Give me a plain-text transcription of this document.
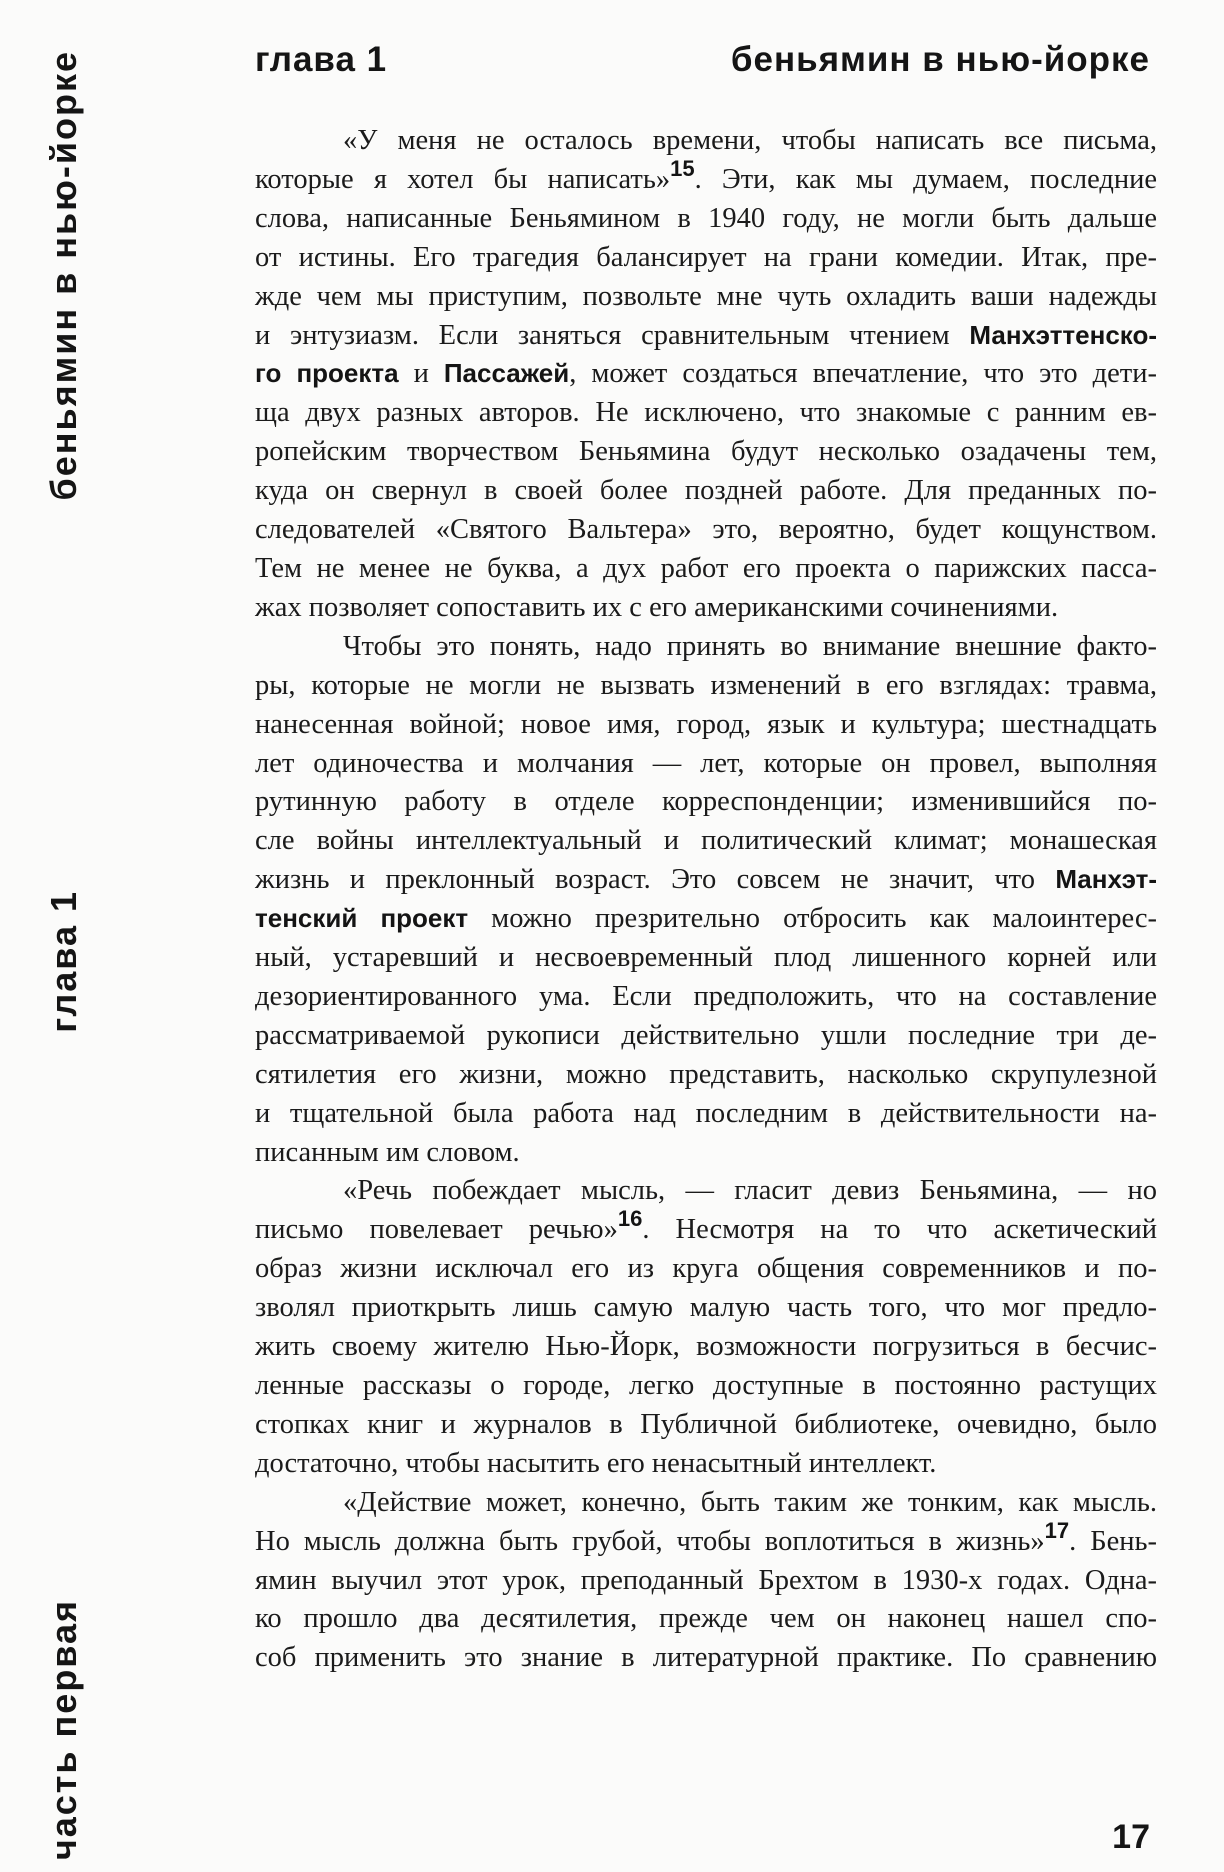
глава 1	беньямин в нью-йорке
беньямин в нью-йорке
глава 1
часть первая
«У меня не осталось времени, чтобы написать все письма,
которые я хотел бы написать»$^{15}$. Эти, как мы думаем, последние
слова, написанные Беньямином в 1940 году, не могли быть дальше
от истины. Его трагедия балансирует на грани комедии. Итак, пре-
жде чем мы приступим, позвольте мне чуть охладить ваши надежды
и энтузиазм. Если заняться сравнительным чтением Манхэттенско-
го проекта и Пассажей, может создаться впечатление, что это дети-
ща двух разных авторов. Не исключено, что знакомые с ранним ев-
ропейским творчеством Беньямина будут несколько озадачены тем,
куда он свернул в своей более поздней работе. Для преданных по-
следователей «Святого Вальтера» это, вероятно, будет кощунством.
Тем не менее не буква, а дух работ его проекта о парижских пасса-
жах позволяет сопоставить их с его американскими сочинениями.
Чтобы это понять, надо принять во внимание внешние факто-
ры, которые не могли не вызвать изменений в его взглядах: травма,
нанесенная войной; новое имя, город, язык и культура; шестнадцать
лет одиночества и молчания — лет, которые он провел, выполняя
рутинную работу в отделе корреспонденции; изменившийся по-
сле войны интеллектуальный и политический климат; монашеская
жизнь и преклонный возраст. Это совсем не значит, что Манхэт-
тенский проект можно презрительно отбросить как малоинтерес-
ный, устаревший и несвоевременный плод лишенного корней или
дезориентированного ума. Если предположить, что на составление
рассматриваемой рукописи действительно ушли последние три де-
сятилетия его жизни, можно представить, насколько скрупулезной
и тщательной была работа над последним в действительности на-
писанным им словом.
«Речь побеждает мысль, — гласит девиз Беньямина, — но
письмо повелевает речью»$^{16}$. Несмотря на то что аскетический
образ жизни исключал его из круга общения современников и по-
зволял приоткрыть лишь самую малую часть того, что мог предло-
жить своему жителю Нью-Йорк, возможности погрузиться в бесчис-
ленные рассказы о городе, легко доступные в постоянно растущих
стопках книг и журналов в Публичной библиотеке, очевидно, было
достаточно, чтобы насытить его ненасытный интеллект.
«Действие может, конечно, быть таким же тонким, как мысль.
Но мысль должна быть грубой, чтобы воплотиться в жизнь»$^{17}$. Бень-
ямин выучил этот урок, преподанный Брехтом в 1930-х годах. Одна-
ко прошло два десятилетия, прежде чем он наконец нашел спо-
соб применить это знание в литературной практике. По сравнению
17
